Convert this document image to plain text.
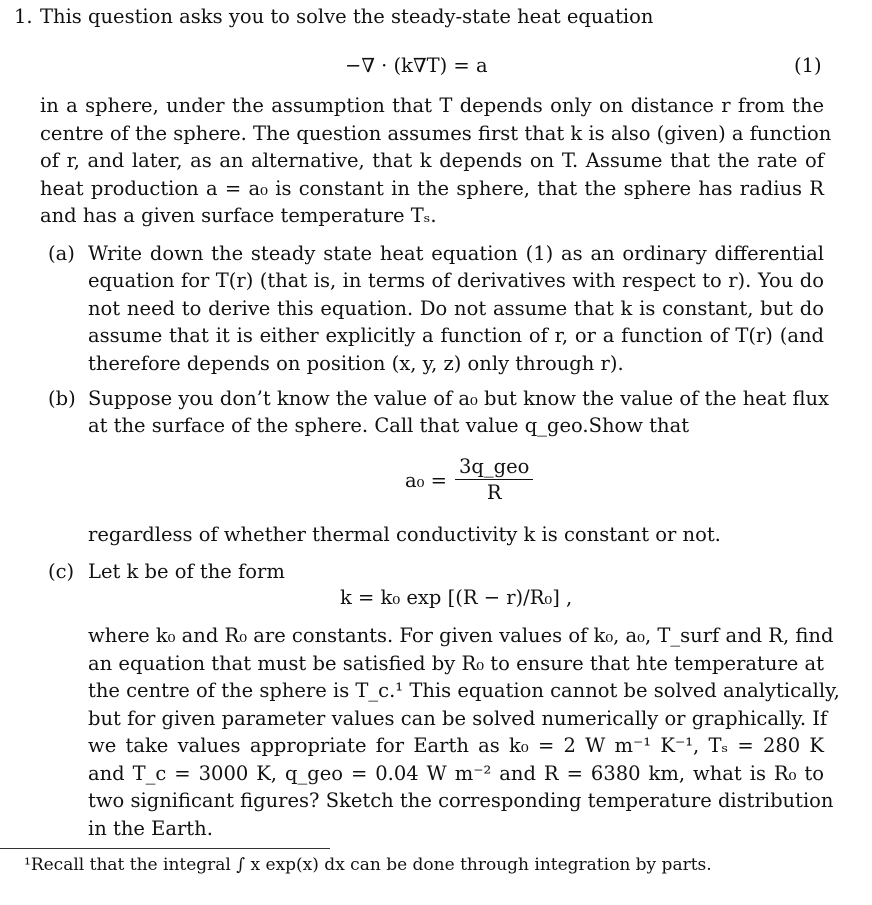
1. This question asks you to solve the steady-state heat equation
−∇ · (k∇T) = a	(1)
in a sphere, under the assumption that T depends only on distance r from the
centre of the sphere. The question assumes first that k is also (given) a function
of r, and later, as an alternative, that k depends on T. Assume that the rate of
heat production a = a₀ is constant in the sphere, that the sphere has radius R
and has a given surface temperature Tₛ.
(a) Write down the steady state heat equation (1) as an ordinary differential
equation for T(r) (that is, in terms of derivatives with respect to r). You do
not need to derive this equation. Do not assume that k is constant, but do
assume that it is either explicitly a function of r, or a function of T(r) (and
therefore depends on position (x, y, z) only through r).
(b) Suppose you don’t know the value of a₀ but know the value of the heat flux
at the surface of the sphere. Call that value q_geo.Show that
$a_0 = \frac{\text{3q\_geo}}{R}$
regardless of whether thermal conductivity k is constant or not.
(c) Let k be of the form
k = k₀ exp [(R − r)/R₀] ,
where k₀ and R₀ are constants. For given values of k₀, a₀, T_surf and R, find
an equation that must be satisfied by R₀ to ensure that hte temperature at
the centre of the sphere is T_c.¹ This equation cannot be solved analytically,
but for given parameter values can be solved numerically or graphically. If
we take values appropriate for Earth as k₀ = 2 W m⁻¹ K⁻¹, Tₛ = 280 K
and T_c = 3000 K, q_geo = 0.04 W m⁻² and R = 6380 km, what is R₀ to
two significant figures? Sketch the corresponding temperature distribution
in the Earth.
¹Recall that the integral ∫ x exp(x) dx can be done through integration by parts.
